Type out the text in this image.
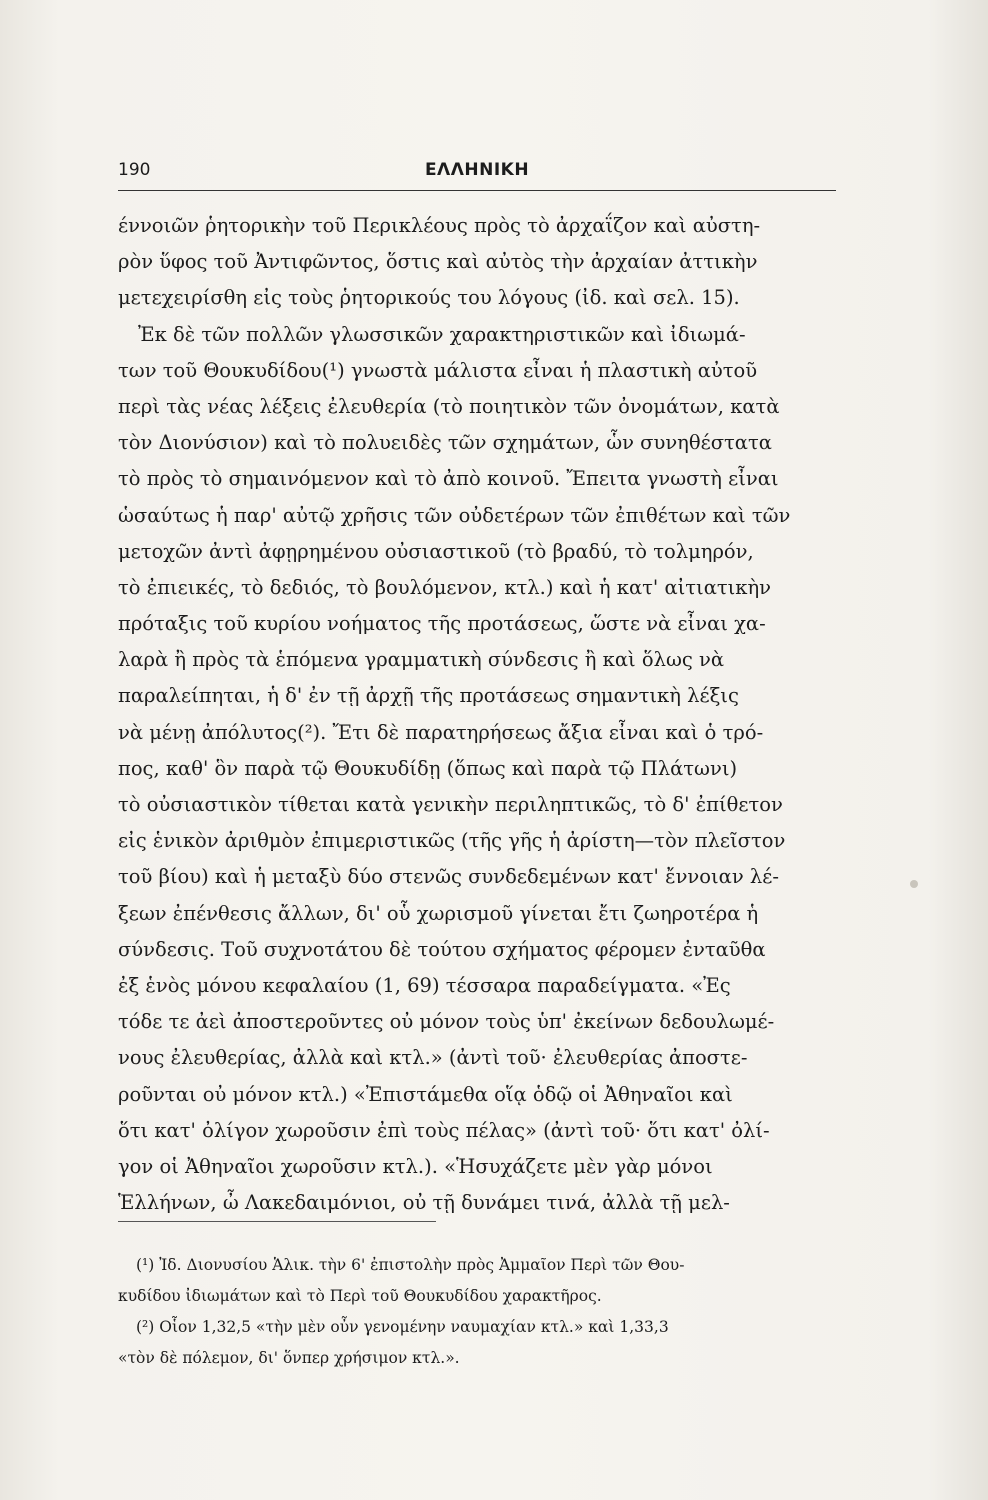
190	ΕΛΛΗΝΙΚΗ
έννοιῶν ῥητορικὴν τοῦ Περικλέους πρὸς τὸ ἀρχαΐζον καὶ αὐστη-
ρὸν ὕφος τοῦ Ἀντιφῶντος, ὅστις καὶ αὐτὸς τὴν ἀρχαίαν ἀττικὴν
μετεχειρίσθη εἰς τοὺς ῥητορικούς του λόγους (ἰδ. καὶ σελ. 15).
Ἐκ δὲ τῶν πολλῶν γλωσσικῶν χαρακτηριστικῶν καὶ ἰδιωμά-
των τοῦ Θουκυδίδου(¹) γνωστὰ μάλιστα εἶναι ἡ πλαστικὴ αὐτοῦ
περὶ τὰς νέας λέξεις ἐλευθερία (τὸ ποιητικὸν τῶν ὀνομάτων, κατὰ
τὸν Διονύσιον) καὶ τὸ πολυειδὲς τῶν σχημάτων, ὧν συνηθέστατα
τὸ πρὸς τὸ σημαινόμενον καὶ τὸ ἀπὸ κοινοῦ. Ἔπειτα γνωστὴ εἶναι
ὡσαύτως ἡ παρ' αὐτῷ χρῆσις τῶν οὐδετέρων τῶν ἐπιθέτων καὶ τῶν
μετοχῶν ἀντὶ ἀφῃρημένου οὐσιαστικοῦ (τὸ βραδύ, τὸ τολμηρόν,
τὸ ἐπιεικές, τὸ δεδιός, τὸ βουλόμενον, κτλ.) καὶ ἡ κατ' αἰτιατικὴν
πρόταξις τοῦ κυρίου νοήματος τῆς προτάσεως, ὥστε νὰ εἶναι χα-
λαρὰ ἢ πρὸς τὰ ἑπόμενα γραμματικὴ σύνδεσις ἢ καὶ ὅλως νὰ
παραλείπηται, ἡ δ' ἐν τῇ ἀρχῇ τῆς προτάσεως σημαντικὴ λέξις
νὰ μένῃ ἀπόλυτος(²). Ἔτι δὲ παρατηρήσεως ἄξια εἶναι καὶ ὁ τρό-
πος, καθ' ὃν παρὰ τῷ Θουκυδίδῃ (ὅπως καὶ παρὰ τῷ Πλάτωνι)
τὸ οὐσιαστικὸν τίθεται κατὰ γενικὴν περιληπτικῶς, τὸ δ' ἐπίθετον
εἰς ἑνικὸν ἀριθμὸν ἐπιμεριστικῶς (τῆς γῆς ἡ ἀρίστη—τὸν πλεῖστον
τοῦ βίου) καὶ ἡ μεταξὺ δύο στενῶς συνδεδεμένων κατ' ἔννοιαν λέ-
ξεων ἐπένθεσις ἄλλων, δι' οὗ χωρισμοῦ γίνεται ἔτι ζωηροτέρα ἡ
σύνδεσις. Τοῦ συχνοτάτου δὲ τούτου σχήματος φέρομεν ἐνταῦθα
ἐξ ἑνὸς μόνου κεφαλαίου (1, 69) τέσσαρα παραδείγματα. «Ἐς
τόδε τε ἀεὶ ἀποστεροῦντες οὐ μόνον τοὺς ὑπ' ἐκείνων δεδουλωμέ-
νους ἐλευθερίας, ἀλλὰ καὶ κτλ.» (ἀντὶ τοῦ· ἐλευθερίας ἀποστε-
ροῦνται οὐ μόνον κτλ.) «Ἐπιστάμεθα οἵᾳ ὁδῷ οἱ Ἀθηναῖοι καὶ
ὅτι κατ' ὀλίγον χωροῦσιν ἐπὶ τοὺς πέλας» (ἀντὶ τοῦ· ὅτι κατ' ὀλί-
γον οἱ Ἀθηναῖοι χωροῦσιν κτλ.). «Ἡσυχάζετε μὲν γὰρ μόνοι
Ἑλλήνων, ὦ Λακεδαιμόνιοι, οὐ τῇ δυνάμει τινά, ἀλλὰ τῇ μελ-
(¹) Ἰδ. Διονυσίου Ἁλικ. τὴν 6' ἐπιστολὴν πρὸς Ἀμμαῖον Περὶ τῶν Θου-
κυδίδου ἰδιωμάτων καὶ τὸ Περὶ τοῦ Θουκυδίδου χαρακτῆρος.
(²) Οἷον 1,32,5 «τὴν μὲν οὖν γενομένην ναυμαχίαν κτλ.» καὶ 1,33,3
«τὸν δὲ πόλεμον, δι' ὅνπερ χρήσιμον κτλ.».
